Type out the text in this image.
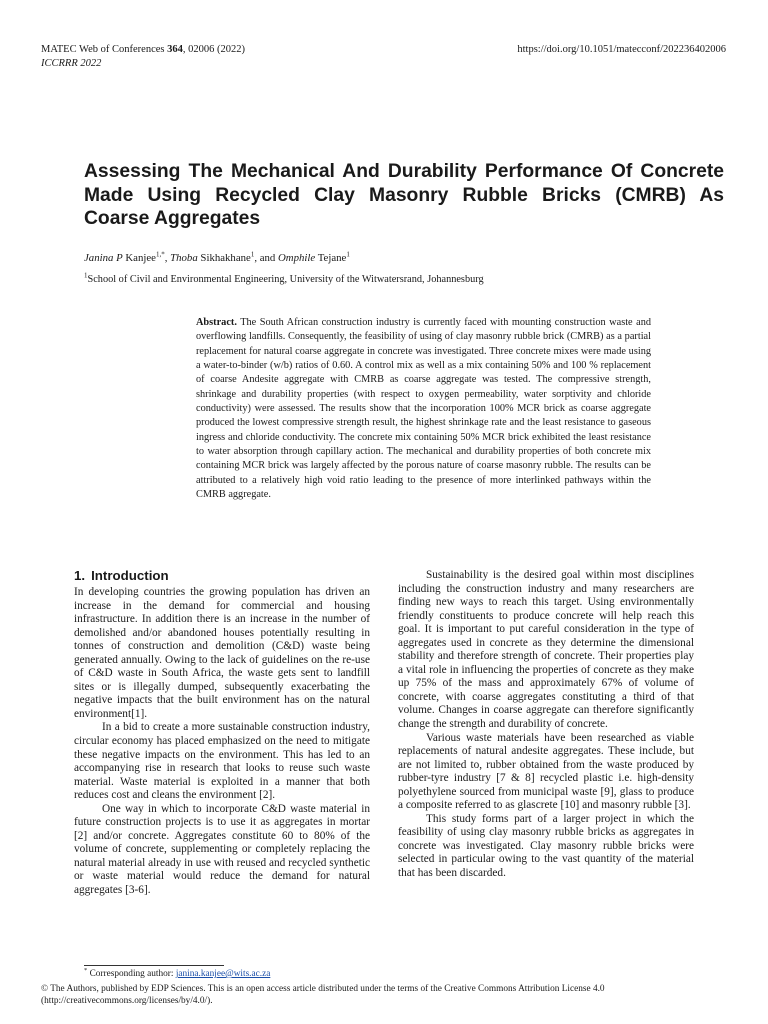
MATEC Web of Conferences 364, 02006 (2022)
ICCRRR 2022
https://doi.org/10.1051/matecconf/202236402006
Assessing The Mechanical And Durability Performance Of Concrete Made Using Recycled Clay Masonry Rubble Bricks (CMRB) As Coarse Aggregates
Janina P Kanjee$^{1,*}$, Thoba Sikhakhane$^1$, and Omphile Tejane$^1$
$^1$School of Civil and Environmental Engineering, University of the Witwatersrand, Johannesburg

Abstract. The South African construction industry is currently faced with mounting construction waste and overflowing landfills. Consequently, the feasibility of using of clay masonry rubble brick (CMRB) as a partial replacement for natural coarse aggregate in concrete was investigated. Three concrete mixes were made using a water-to-binder (w/b) ratios of 0.60. A control mix as well as a mix containing 50% and 100 % replacement of coarse Andesite aggregate with CMRB as coarse aggregate was tested. The compressive strength, shrinkage and durability properties (with respect to oxygen permeability, water sorptivity and chloride conductivity) were assessed. The results show that the incorporation 100% MCR brick as coarse aggregate produced the lowest compressive strength result, the highest shrinkage rate and the least resistance to gaseous ingress and chloride conductivity. The concrete mix containing 50% MCR brick exhibited the least resistance to water absorption through capillary action. The mechanical and durability properties of both concrete mix containing MCR brick was largely affected by the porous nature of coarse masonry rubble. The results can be attributed to a relatively high void ratio leading to the presence of more interlinked pathways within the CMRB aggregate.

1. Introduction

In developing countries the growing population has driven an increase in the demand for commercial and housing infrastructure. In addition there is an increase in the number of demolished and/or abandoned houses potentially resulting in tonnes of construction and demolition (C&D) waste being generated annually. Owing to the lack of guidelines on the re-use of C&D waste in South Africa, the waste gets sent to landfill sites or is illegally dumped, subsequently exacerbating the negative impacts that the built environment has on the natural environment[1].

In a bid to create a more sustainable construction industry, circular economy has placed emphasized on the need to mitigate these negative impacts on the environment. This has led to an accompanying rise in research that looks to reuse such waste material. Waste material is exploited in a manner that both reduces cost and cleans the environment [2].

One way in which to incorporate C&D waste material in future construction projects is to use it as aggregates in mortar [2] and/or concrete. Aggregates constitute 60 to 80% of the volume of concrete, supplementing or completely replacing the natural material already in use with reused and recycled synthetic or waste material would reduce the demand for natural aggregates [3-6].

Sustainability is the desired goal within most disciplines including the construction industry and many researchers are finding new ways to reach this target. Using environmentally friendly constituents to produce concrete will help reach this goal. It is important to put careful consideration in the type of aggregates used in concrete as they determine the dimensional stability and therefore strength of concrete. Their properties play a vital role in influencing the properties of concrete as they make up 75% of the mass and approximately 67% of volume of concrete, with coarse aggregates constituting a third of that volume. Changes in coarse aggregate can therefore significantly change the strength and durability of concrete.

Various waste materials have been researched as viable replacements of natural andesite aggregates. These include, but are not limited to, rubber obtained from the waste produced by rubber-tyre industry [7 & 8] recycled plastic i.e. high-density polyethylene sourced from municipal waste [9], glass to produce a composite referred to as glascrete [10] and masonry rubble [3].

This study forms part of a larger project in which the feasibility of using clay masonry rubble bricks as aggregates in concrete was investigated. Clay masonry rubble bricks were selected in particular owing to the vast quantity of the material that has been discarded.

* Corresponding author: janina.kanjee@wits.ac.za

© The Authors, published by EDP Sciences. This is an open access article distributed under the terms of the Creative Commons Attribution License 4.0 (http://creativecommons.org/licenses/by/4.0/).
